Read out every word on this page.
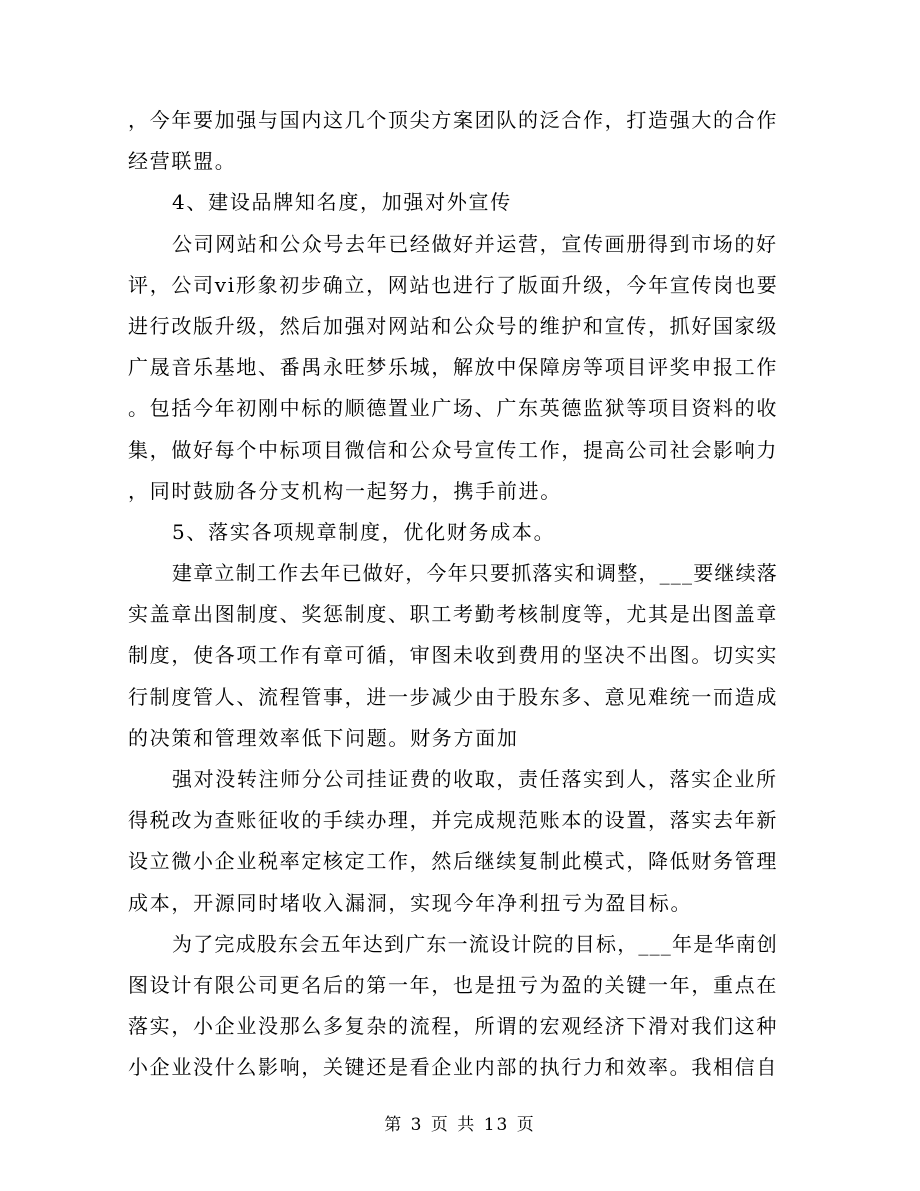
，今年要加强与国内这几个顶尖方案团队的泛合作，打造强大的合作
经营联盟。
4、建设品牌知名度，加强对外宣传
公司网站和公众号去年已经做好并运营，宣传画册得到市场的好
评，公司vi形象初步确立，网站也进行了版面升级，今年宣传岗也要
进行改版升级，然后加强对网站和公众号的维护和宣传，抓好国家级
广晟音乐基地、番禺永旺梦乐城，解放中保障房等项目评奖申报工作
。包括今年初刚中标的顺德置业广场、广东英德监狱等项目资料的收
集，做好每个中标项目微信和公众号宣传工作，提高公司社会影响力
，同时鼓励各分支机构一起努力，携手前进。
5、落实各项规章制度，优化财务成本。
建章立制工作去年已做好，今年只要抓落实和调整，___要继续落
实盖章出图制度、奖惩制度、职工考勤考核制度等，尤其是出图盖章
制度，使各项工作有章可循，审图未收到费用的坚决不出图。切实实
行制度管人、流程管事，进一步减少由于股东多、意见难统一而造成
的决策和管理效率低下问题。财务方面加
强对没转注师分公司挂证费的收取，责任落实到人，落实企业所
得税改为查账征收的手续办理，并完成规范账本的设置，落实去年新
设立微小企业税率定核定工作，然后继续复制此模式，降低财务管理
成本，开源同时堵收入漏洞，实现今年净利扭亏为盈目标。
为了完成股东会五年达到广东一流设计院的目标，___年是华南创
图设计有限公司更名后的第一年，也是扭亏为盈的关键一年，重点在
落实，小企业没那么多复杂的流程，所谓的宏观经济下滑对我们这种
小企业没什么影响，关键还是看企业内部的执行力和效率。我相信自
第 3 页 共 13 页
